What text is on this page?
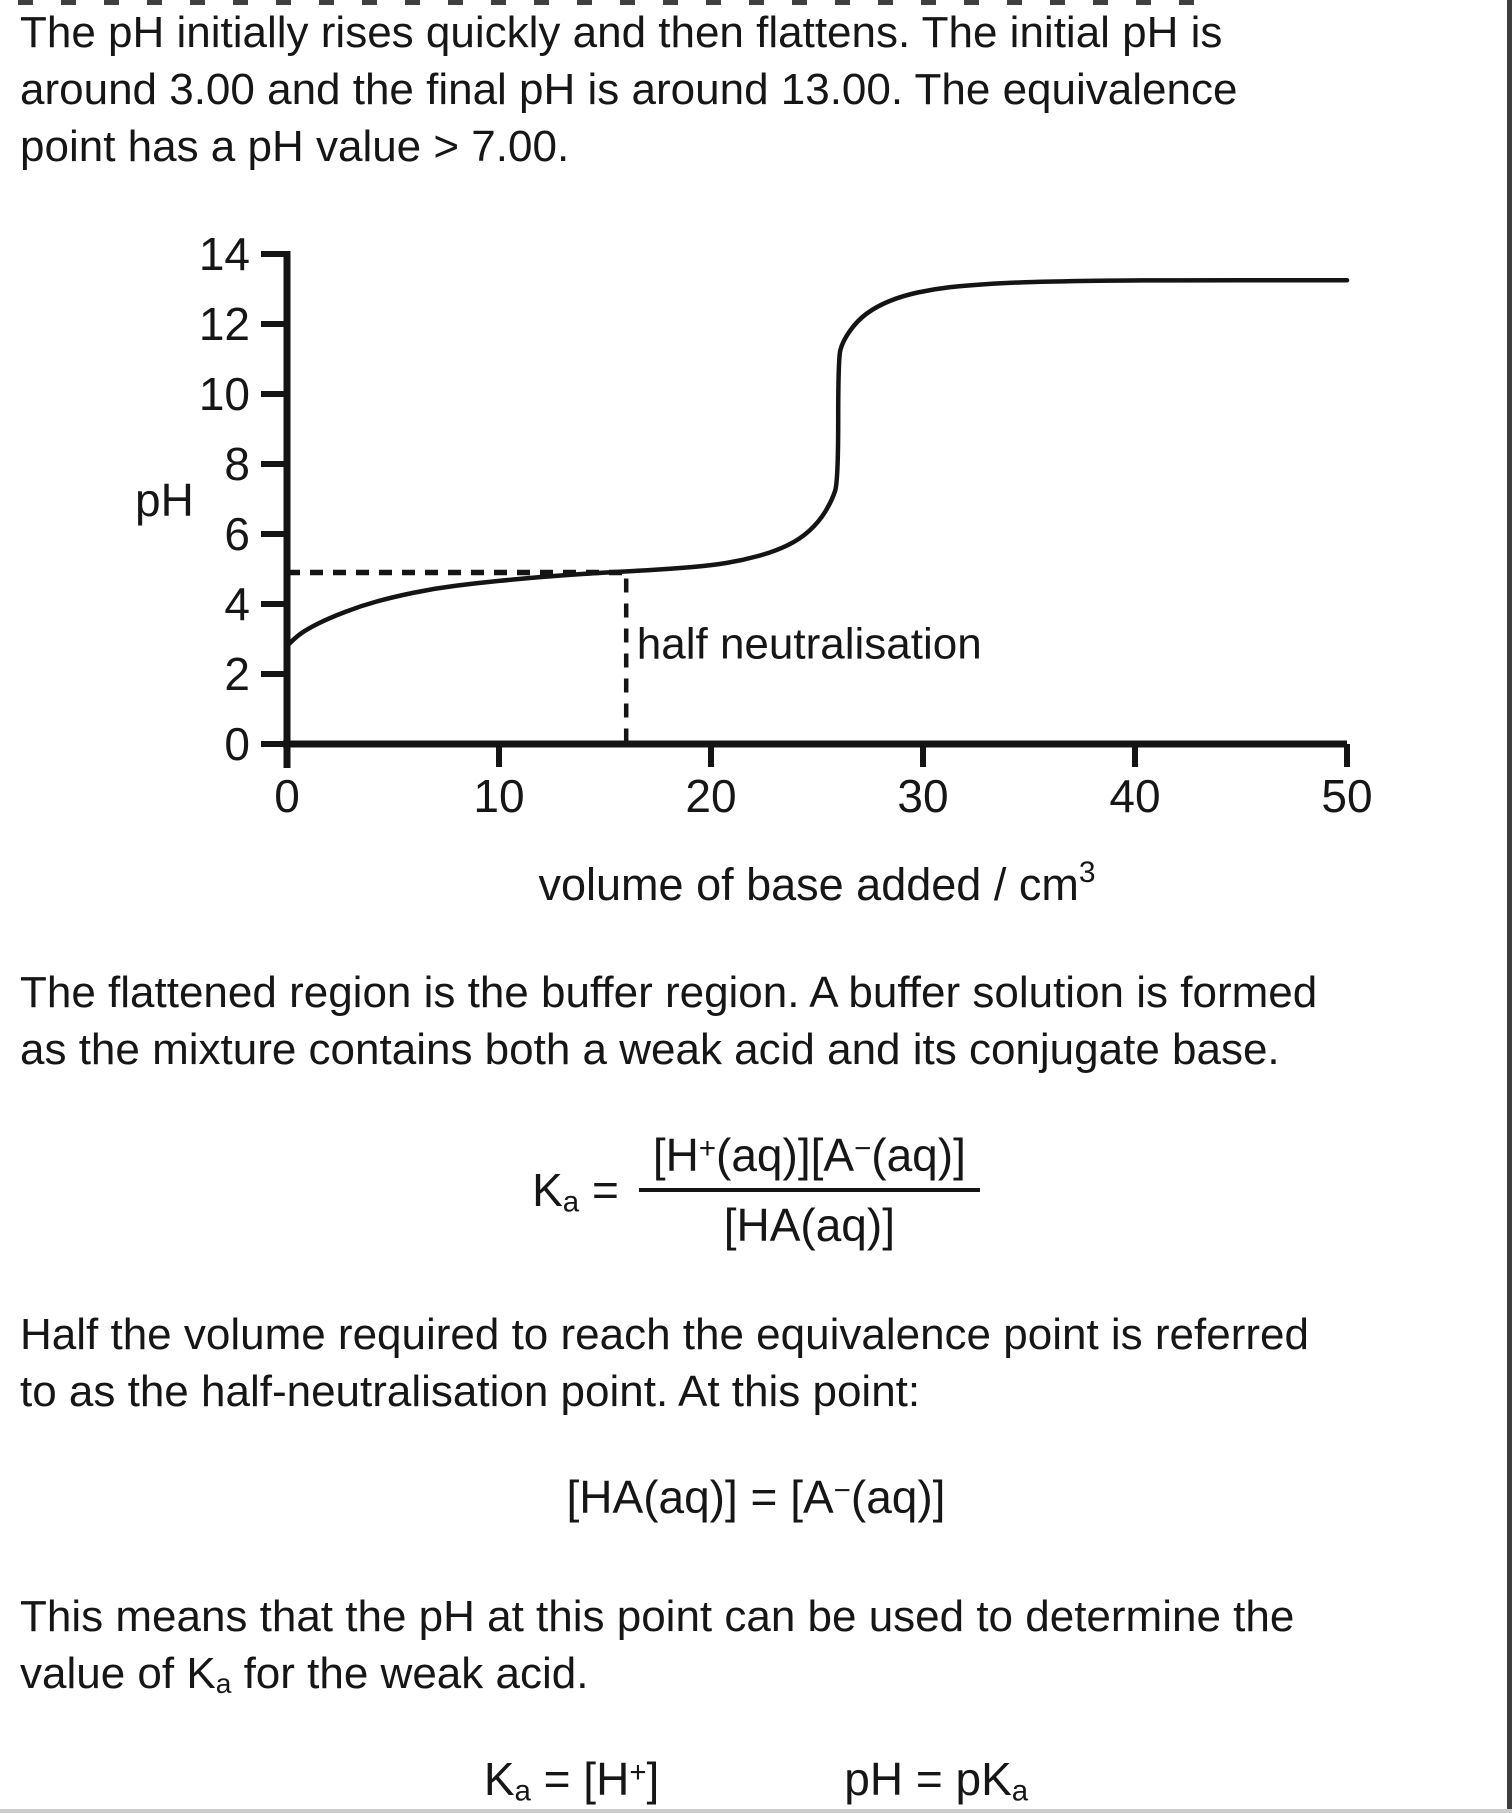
The pH initially rises quickly and then flattens. The initial pH is
around 3.00 and the final pH is around 13.00. The equivalence
point has a pH value > 7.00.
0	10	20	30	40	50
0
2
4
6
8
10
12
14
pH
volume of base added / $cm^3$
half neutralisation
The flattened region is the buffer region. A buffer solution is formed
as the mixture contains both a weak acid and its conjugate base.
$K_a = \frac{[H^+(aq)][A^-(aq)]}{[HA(aq)]}$
Half the volume required to reach the equivalence point is referred
to as the half-neutralisation point. At this point:
[HA(aq)] = [A−(aq)]
This means that the pH at this point can be used to determine the
value of $K_a$ for the weak acid.
$K_a = [H^+]$	pH = $pK_a$
